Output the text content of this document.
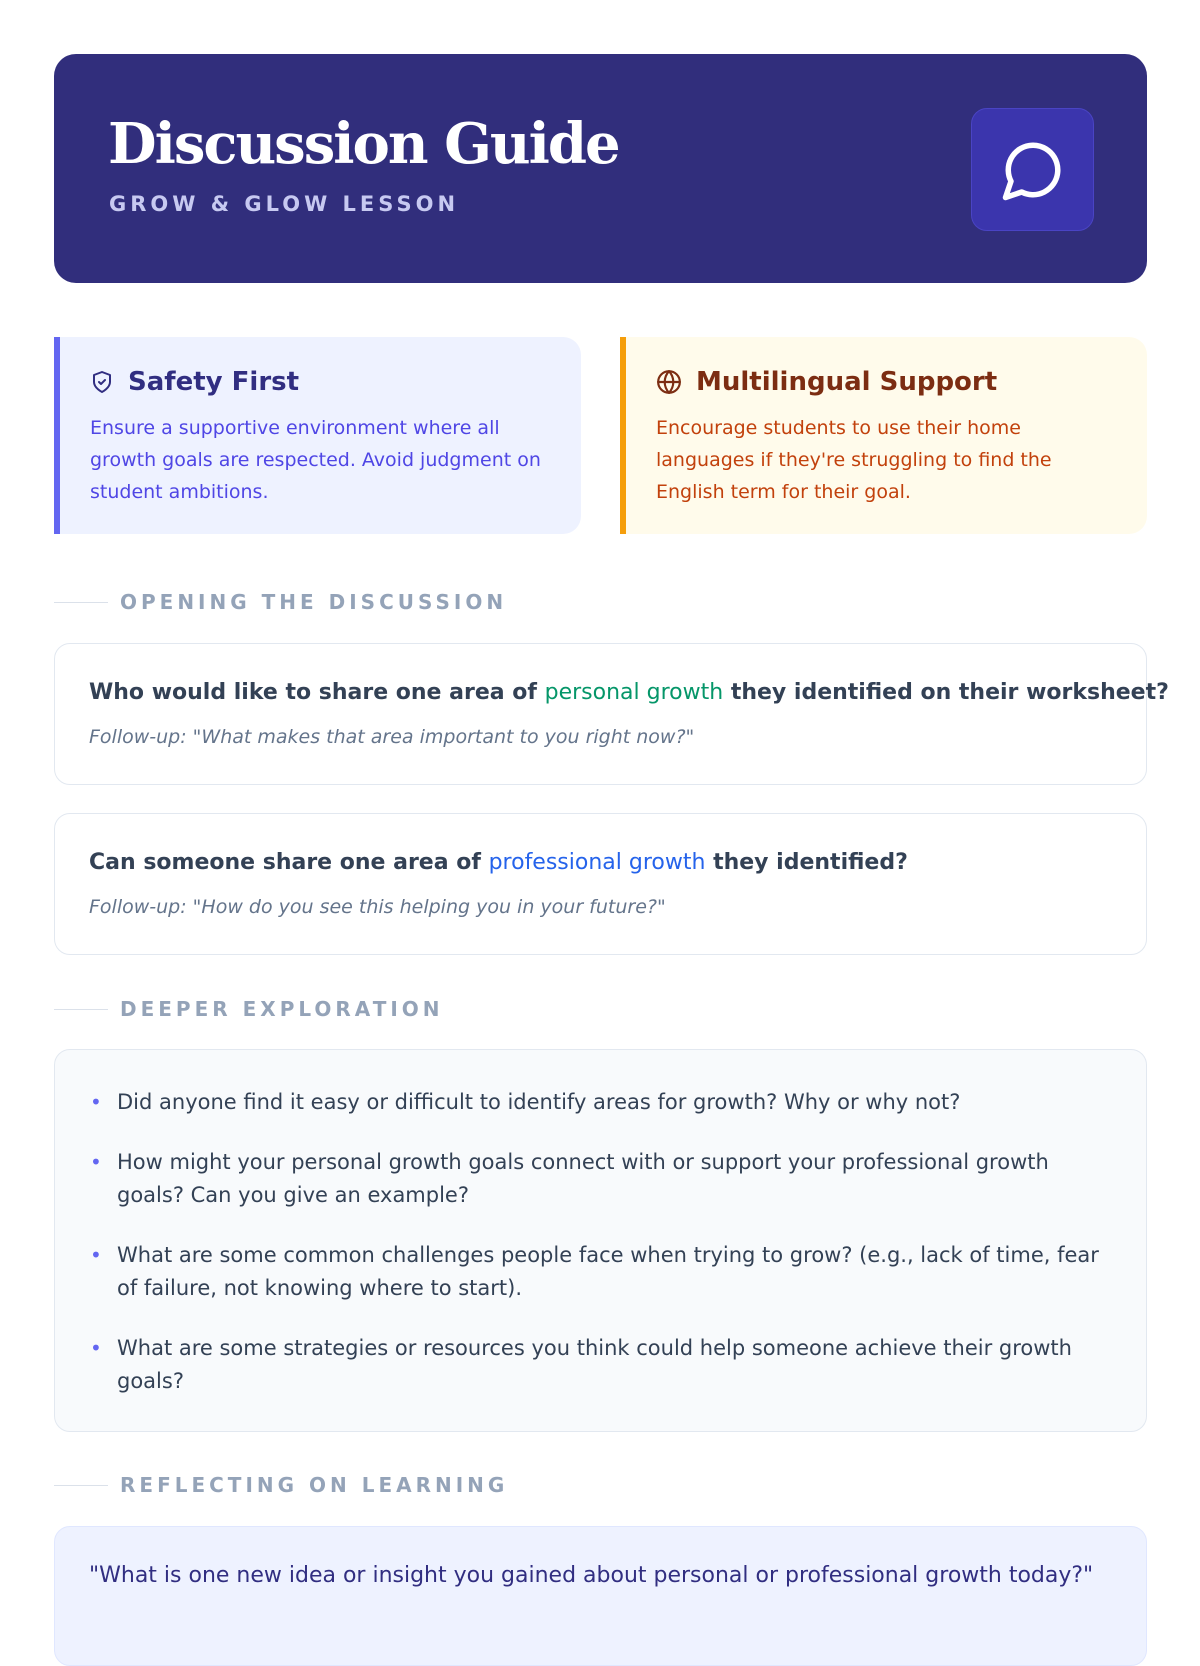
Discussion Guide
GROW & GLOW LESSON
Safety First
Ensure a supportive environment where all growth goals are respected. Avoid judgment on student ambitions.
Multilingual Support
Encourage students to use their home languages if they're struggling to find the English term for their goal.
OPENING THE DISCUSSION
Who would like to share one area of personal growth they identified on their worksheet?
Follow-up: "What makes that area important to you right now?"
Can someone share one area of professional growth they identified?
Follow-up: "How do you see this helping you in your future?"
DEEPER EXPLORATION
• Did anyone find it easy or difficult to identify areas for growth? Why or why not?
• How might your personal growth goals connect with or support your professional growth goals? Can you give an example?
• What are some common challenges people face when trying to grow? (e.g., lack of time, fear of failure, not knowing where to start).
• What are some strategies or resources you think could help someone achieve their growth goals?
REFLECTING ON LEARNING
"What is one new idea or insight you gained about personal or professional growth today?"
